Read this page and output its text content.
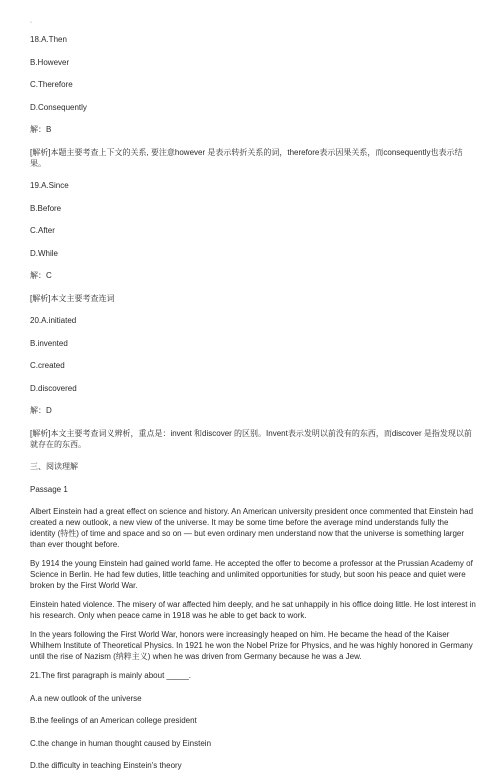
◦
18.A.Then
B.However
C.Therefore
D.Consequently
解：B
[解析]本题主要考查上下文的关系, 要注意however 是表示转折关系的词，therefore表示因果关系，而consequently也表示结果。
19.A.Since
B.Before
C.After
D.While
解：C
[解析]本文主要考查连词
20.A.initiated
B.invented
C.created
D.discovered
解：D
[解析]本文主要考查词义辨析，重点是：invent 和discover 的区别。Invent表示发明以前没有的东西，而discover 是指发现以前就存在的东西。
三、阅读理解
Passage 1
Albert Einstein had a great effect on science and history. An American university president once commented that Einstein had created a new outlook, a new view of the universe. It may be some time before the average mind understands fully the identity (特性) of time and space and so on — but even ordinary men understand now that the universe is something larger than ever thought before.
By 1914 the young Einstein had gained world fame. He accepted the offer to become a professor at the Prussian Academy of Science in Berlin. He had few duties, little teaching and unlimited opportunities for study, but soon his peace and quiet were broken by the First World War.
Einstein hated violence. The misery of war affected him deeply, and he sat unhappily in his office doing little. He lost interest in his research. Only when peace came in 1918 was he able to get back to work.
In the years following the First World War, honors were increasingly heaped on him. He became the head of the Kaiser Whilhem Institute of Theoretical Physics. In 1921 he won the Nobel Prize for Physics, and he was highly honored in Germany until the rise of Nazism (纳粹主义) when he was driven from Germany because he was a Jew.
21.The first paragraph is mainly about _____.
A.a new outlook of the universe
B.the feelings of an American college president
C.the change in human thought caused by Einstein
D.the difficulty in teaching Einstein's theory
